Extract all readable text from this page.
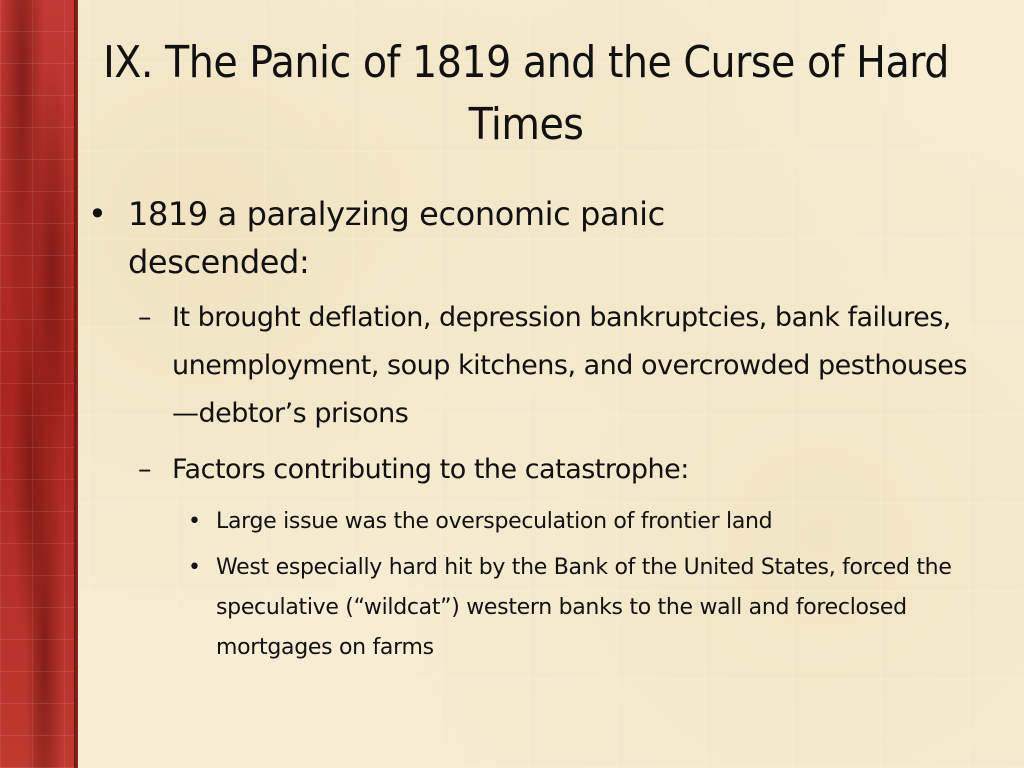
IX. The Panic of 1819 and the Curse of Hard Times
• 1819 a paralyzing economic panic descended:
– It brought deflation, depression bankruptcies, bank failures, unemployment, soup kitchens, and overcrowded pesthouses—debtor’s prisons
– Factors contributing to the catastrophe:
• Large issue was the overspeculation of frontier land
• West especially hard hit by the Bank of the United States, forced the speculative (“wildcat”) western banks to the wall and foreclosed mortgages on farms
